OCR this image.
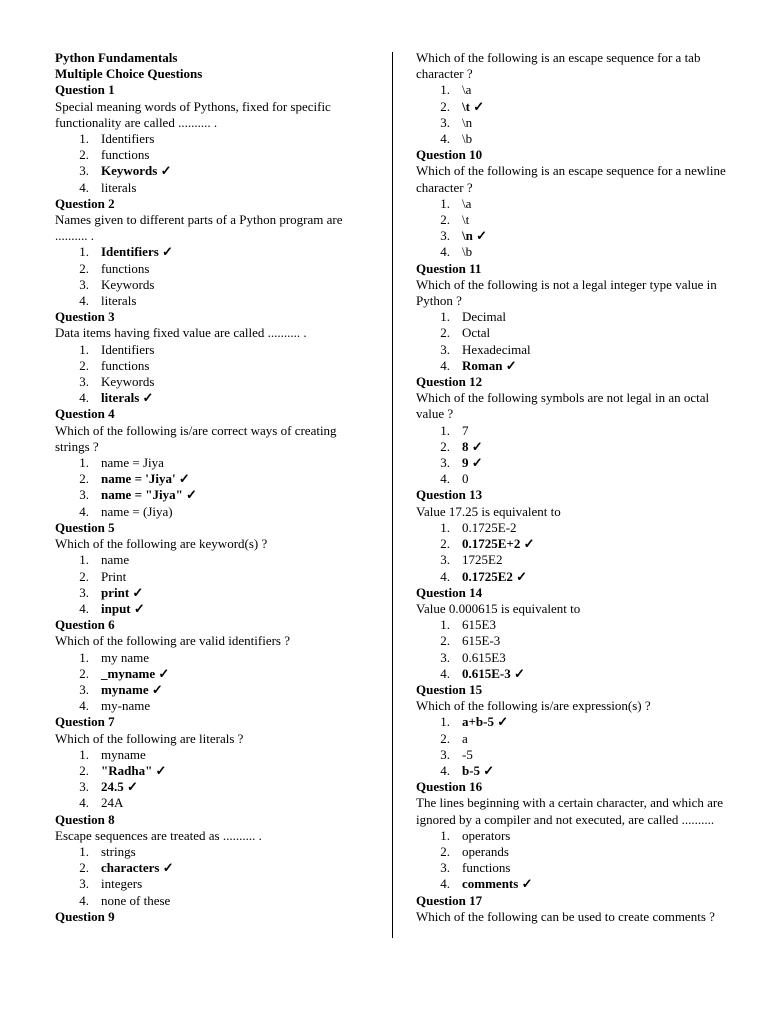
Python Fundamentals
Multiple Choice Questions
Question 1
Special meaning words of Pythons, fixed for specific functionality are called .......... .
1. Identifiers
2. functions
3. Keywords ✓
4. literals
Question 2
Names given to different parts of a Python program are .......... .
1. Identifiers ✓
2. functions
3. Keywords
4. literals
Question 3
Data items having fixed value are called .......... .
1. Identifiers
2. functions
3. Keywords
4. literals ✓
Question 4
Which of the following is/are correct ways of creating strings ?
1. name = Jiya
2. name = 'Jiya' ✓
3. name = "Jiya" ✓
4. name = (Jiya)
Question 5
Which of the following are keyword(s) ?
1. name
2. Print
3. print ✓
4. input ✓
Question 6
Which of the following are valid identifiers ?
1. my name
2. _myname ✓
3. myname ✓
4. my-name
Question 7
Which of the following are literals ?
1. myname
2. "Radha" ✓
3. 24.5 ✓
4. 24A
Question 8
Escape sequences are treated as .......... .
1. strings
2. characters ✓
3. integers
4. none of these
Question 9
Which of the following is an escape sequence for a tab character ?
1. \a
2. \t ✓
3. \n
4. \b
Question 10
Which of the following is an escape sequence for a newline character ?
1. \a
2. \t
3. \n ✓
4. \b
Question 11
Which of the following is not a legal integer type value in Python ?
1. Decimal
2. Octal
3. Hexadecimal
4. Roman ✓
Question 12
Which of the following symbols are not legal in an octal value ?
1. 7
2. 8 ✓
3. 9 ✓
4. 0
Question 13
Value 17.25 is equivalent to
1. 0.1725E-2
2. 0.1725E+2 ✓
3. 1725E2
4. 0.1725E2 ✓
Question 14
Value 0.000615 is equivalent to
1. 615E3
2. 615E-3
3. 0.615E3
4. 0.615E-3 ✓
Question 15
Which of the following is/are expression(s) ?
1. a+b-5 ✓
2. a
3. -5
4. b-5 ✓
Question 16
The lines beginning with a certain character, and which are ignored by a compiler and not executed, are called ..........
1. operators
2. operands
3. functions
4. comments ✓
Question 17
Which of the following can be used to create comments ?
